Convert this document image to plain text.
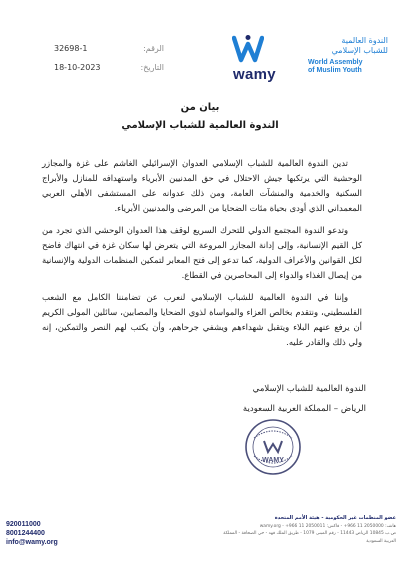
32698-1	الرقم:
18-10-2023	التاريخ:	wamy
الندوة العالمية
للشباب الإسلامي
World Assembly
of Muslim Youth
بيان من
الندوة العالمية للشباب الإسلامي

تدين الندوة العالمية للشباب الإسلامي العدوان الإسرائيلي الغاشم على غزة والمجازر الوحشية التي يرتكبها جيش الاحتلال في حق المدنيين الأبرياء واستهدافه للمنازل والأبراج السكنية والخدمية والمنشآت العامة، ومن ذلك عدوانه على المستشفى الأهلي العربي المعمداني الذي أودى بحياة مئات الضحايا من المرضى والمدنيين الأبرياء.

وتدعو الندوة المجتمع الدولي للتحرك السريع لوقف هذا العدوان الوحشي الذي تجرد من كل القيم الإنسانية، وإلى إدانة المجازر المروعة التي يتعرض لها سكان غزة في انتهاك فاضح لكل القوانين والأعراف الدولية، كما تدعو إلى فتح المعابر لتمكين المنظمات الدولية والإنسانية من إيصال الغذاء والدواء إلى المحاصرين في القطاع.

وإننا في الندوة العالمية للشباب الإسلامي لنعرب عن تضامننا الكامل مع الشعب الفلسطيني، ونتقدم بخالص العزاء والمواساة لذوي الضحايا والمصابين، سائلين المولى الكريم أن يرفع عنهم البلاء ويتقبل شهداءهم ويشفي جرحاهم، وأن يكتب لهم النصر والتمكين، إنه ولي ذلك والقادر عليه.

الندوة العالمية للشباب الإسلامي
الرياض – المملكة العربية السعودية
WAMY
920011000
8001244400
info@wamy.org
عضو المنظمات غير الحكومية - هيئة الأمم المتحدة
هاتف: 2050000 11 966+ - فاكس: 2050011 11 966+ - wamy.org
ص.ب 10845 الرياض 11443 - رقم المبنى 1079 - طريق الملك فهد - حي الصحافة - المملكة العربية السعودية
